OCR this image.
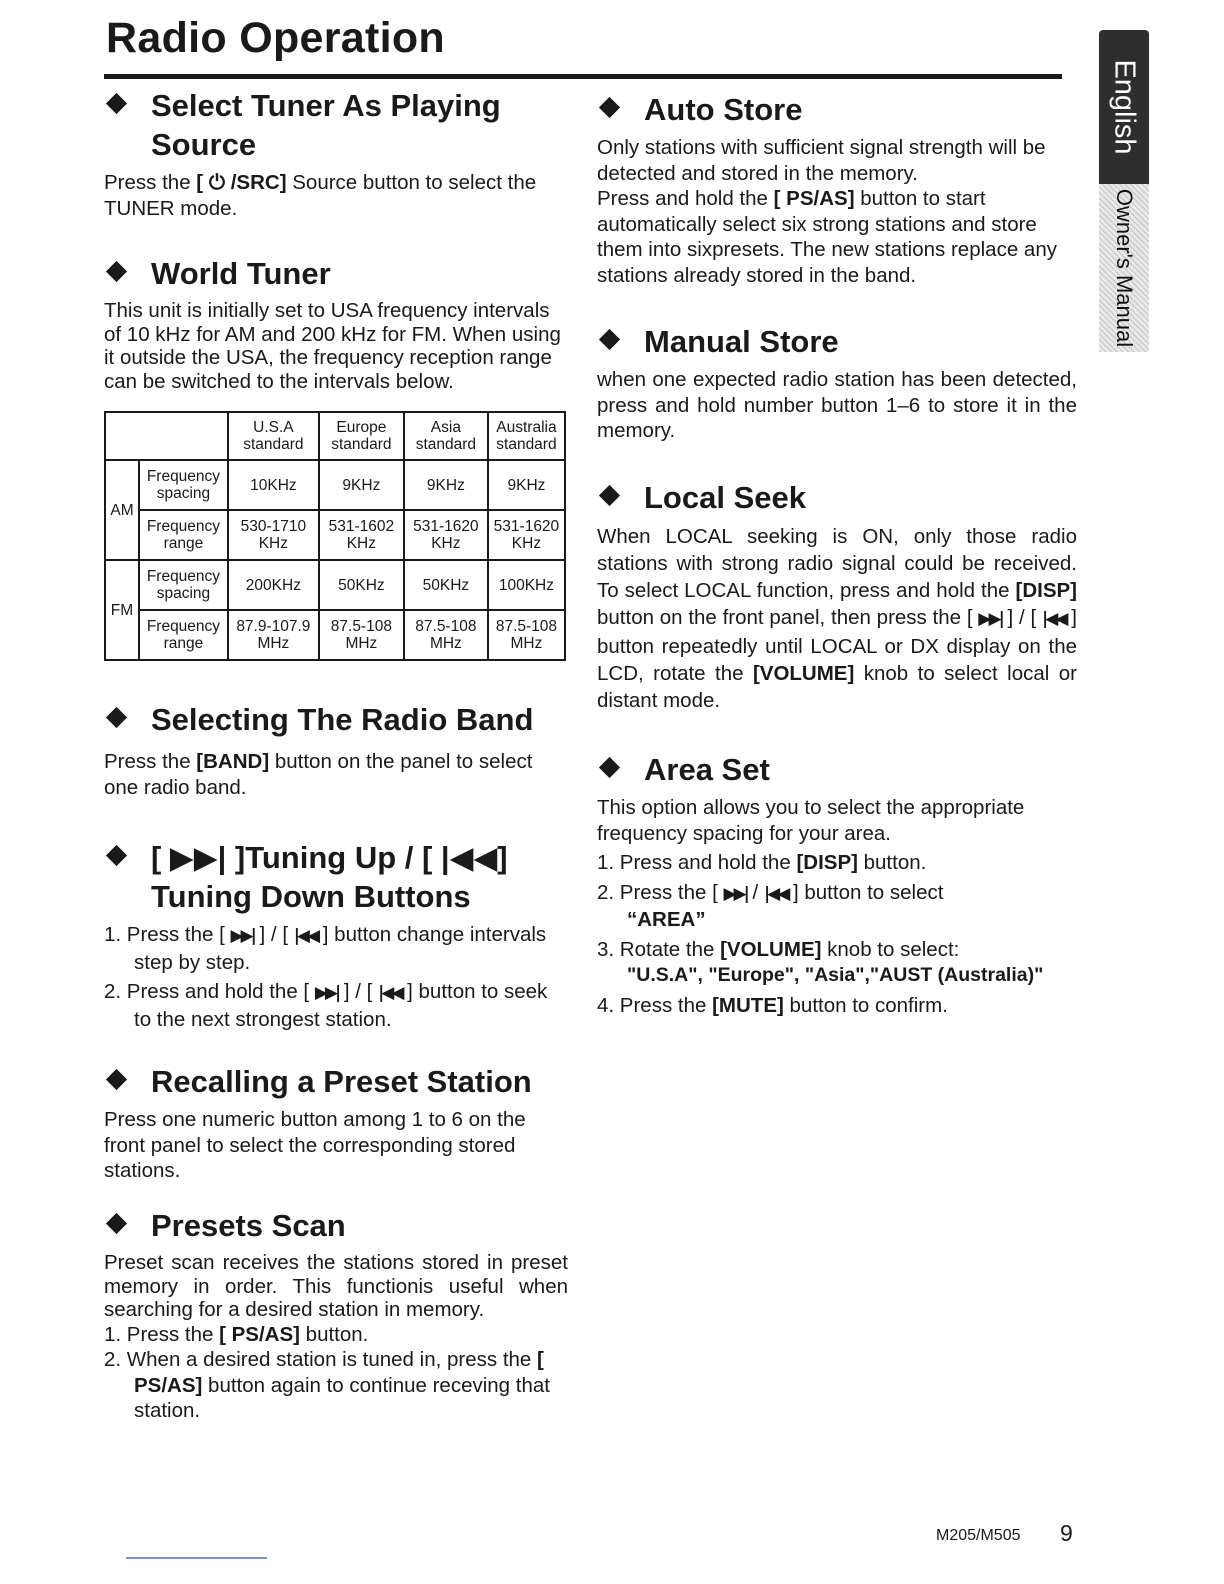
Radio Operation
English
Owner's Manual
Select Tuner As Playing Source

Press the [ ⏻ /SRC] Source button to select the TUNER mode.

World Tuner

This unit is initially set to USA frequency intervals of 10 kHz for AM and 200 kHz for FM. When using it outside the USA, the frequency reception range can be switched to the intervals below.

		U.S.A standard	Europe standard	Asia standard	Australia standard
AM	Frequency spacing	10KHz	9KHz	9KHz	9KHz
	Frequency range	530-1710 KHz	531-1602 KHz	531-1620 KHz	531-1620 KHz
FM	Frequency spacing	200KHz	50KHz	50KHz	100KHz
	Frequency range	87.9-107.9 MHz	87.5-108 MHz	87.5-108 MHz	87.5-108 MHz
Selecting The Radio Band

Press the [BAND] button on the panel to select one radio band.

[ ▶▶| ]Tuning Up / [ |◀◀]
Tuning Down Buttons
1. Press the [ ▶▶| ] / [ |◀◀ ] button change intervals step by step.
2. Press and hold the [ ▶▶| ] / [ |◀◀ ] button to seek to the next strongest station.
Recalling a Preset Station

Press one numeric button among 1 to 6 on the front panel to select the corresponding stored stations.

Presets Scan

Preset scan receives the stations stored in preset memory in order. This functionis useful when searching for a desired station in memory.

1. Press the [ PS/AS] button.
2. When a desired station is tuned in, press the [ PS/AS] button again to continue receving that station.
Auto Store

Only stations with sufficient signal strength will be detected and stored in the memory.

Press and hold the [ PS/AS] button to start automatically select six strong stations and store them into sixpresets. The new stations replace any stations already stored in the band.

Manual Store

when one expected radio station has been detected, press and hold number button 1–6 to store it in the memory.

Local Seek

When LOCAL seeking is ON, only those radio stations with strong radio signal could be received. To select LOCAL function, press and hold the [DISP] button on the front panel, then press the [ ▶▶| ] / [ |◀◀ ] button repeatedly until LOCAL or DX display on the LCD, rotate the [VOLUME] knob to select local or distant mode.

Area Set

This option allows you to select the appropriate frequency spacing for your area.

1. Press and hold the [DISP] button.
2. Press the [ ▶▶| / |◀◀ ] button to select
“AREA”
3. Rotate the [VOLUME] knob to select:
"U.S.A", "Europe", "Asia","AUST (Australia)"
4. Press the [MUTE] button to confirm.
M205/M505 9
